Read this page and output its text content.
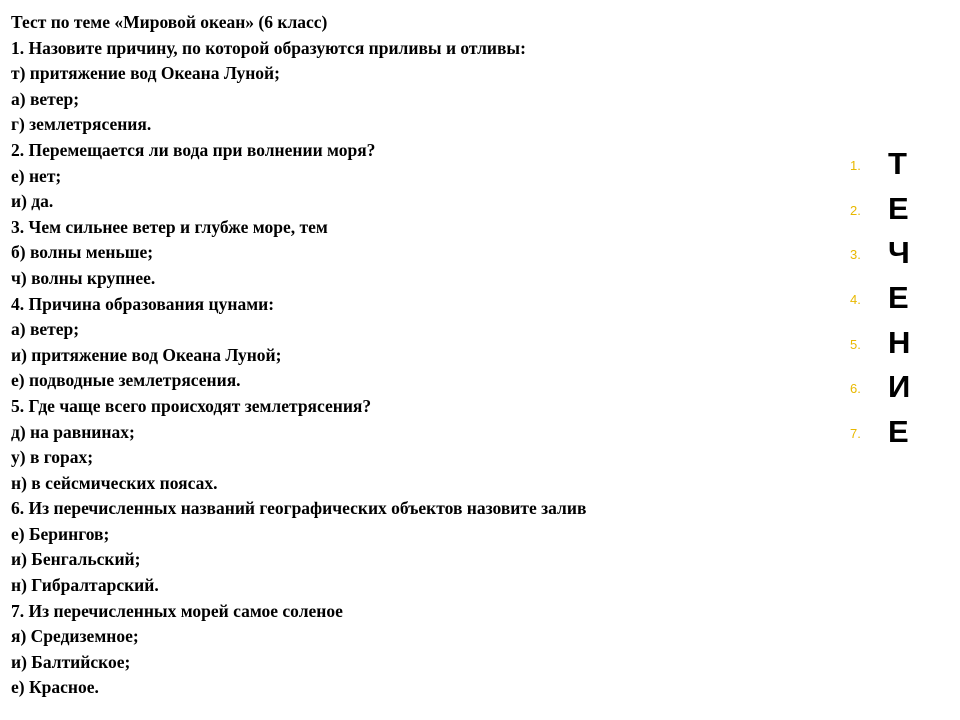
Тест по теме «Мировой океан» (6 класс)
1. Назовите причину, по которой образуются приливы и отливы:
т) притяжение вод Океана Луной;
а) ветер;
г) землетрясения.
2. Перемещается ли вода при волнении моря?
е) нет;
и) да.
3. Чем сильнее ветер и глубже море, тем
б) волны меньше;
ч) волны крупнее.
4. Причина образования цунами:
а) ветер;
и) притяжение вод Океана Луной;
е) подводные землетрясения.
5. Где чаще всего происходят землетрясения?
д) на равнинах;
у) в горах;
н) в сейсмических поясах.
6. Из перечисленных названий географических объектов назовите залив
е) Берингов;
и) Бенгальский;
н) Гибралтарский.
7. Из перечисленных морей самое соленое
я) Средиземное;
и) Балтийское;
е) Красное.
1. Т
2. Е
3. Ч
4. Е
5. Н
6. И
7. Е
